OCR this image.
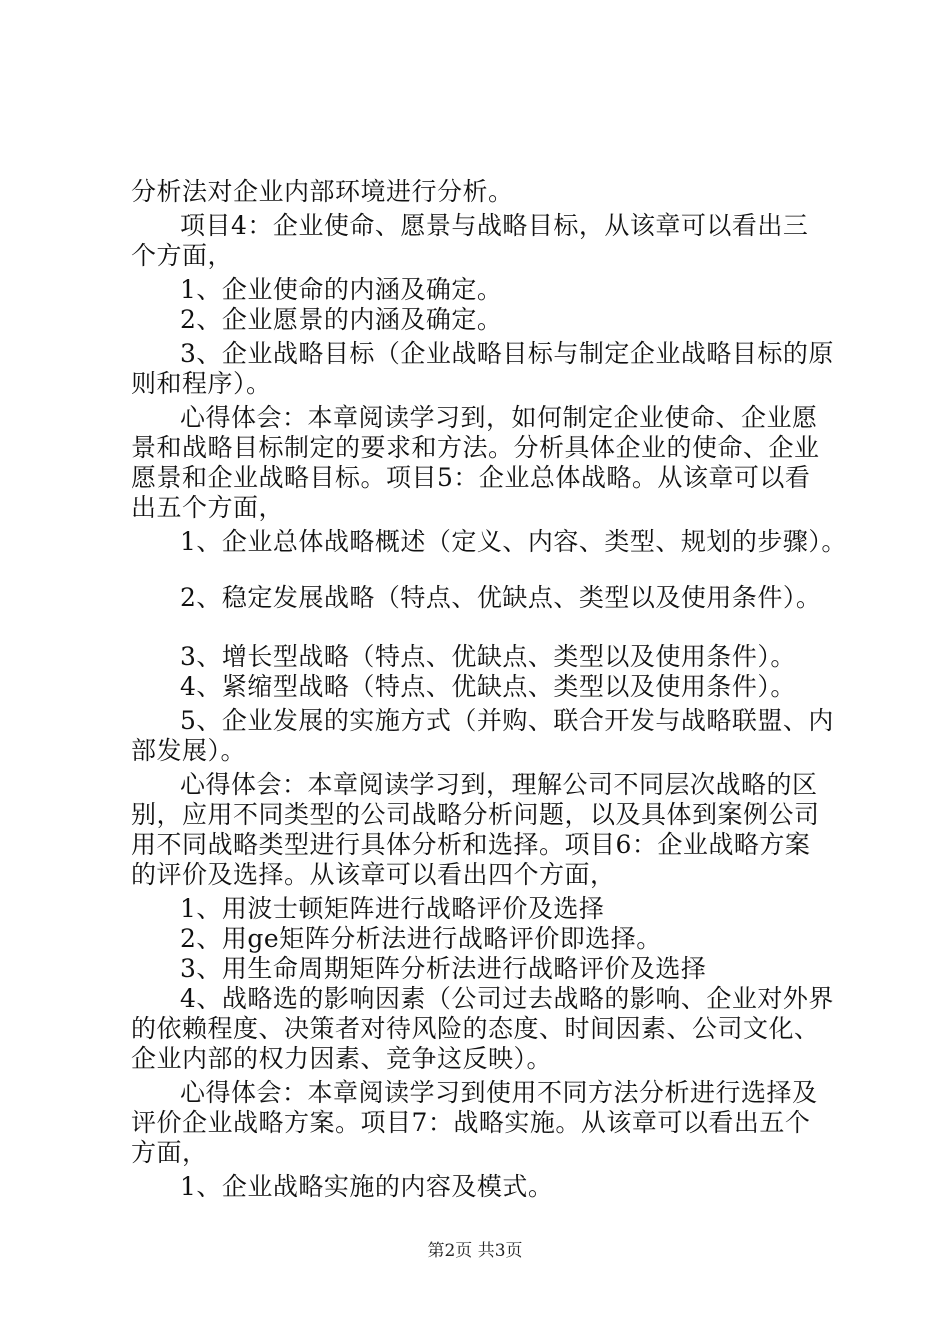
分析法对企业内部环境进行分析。
项目4：企业使命、愿景与战略目标，从该章可以看出三
个方面，
1、企业使命的内涵及确定。
2、企业愿景的内涵及确定。
3、企业战略目标（企业战略目标与制定企业战略目标的原
则和程序）。
心得体会：本章阅读学习到，如何制定企业使命、企业愿
景和战略目标制定的要求和方法。分析具体企业的使命、企业
愿景和企业战略目标。项目5：企业总体战略。从该章可以看
出五个方面，
1、企业总体战略概述（定义、内容、类型、规划的步骤）。
2、稳定发展战略（特点、优缺点、类型以及使用条件）。
3、增长型战略（特点、优缺点、类型以及使用条件）。
4、紧缩型战略（特点、优缺点、类型以及使用条件）。
5、企业发展的实施方式（并购、联合开发与战略联盟、内
部发展）。
心得体会：本章阅读学习到，理解公司不同层次战略的区
别，应用不同类型的公司战略分析问题，以及具体到案例公司
用不同战略类型进行具体分析和选择。项目6：企业战略方案
的评价及选择。从该章可以看出四个方面，
1、用波士顿矩阵进行战略评价及选择
2、用ge矩阵分析法进行战略评价即选择。
3、用生命周期矩阵分析法进行战略评价及选择
4、战略选的影响因素（公司过去战略的影响、企业对外界
的依赖程度、决策者对待风险的态度、时间因素、公司文化、
企业内部的权力因素、竞争这反映）。
心得体会：本章阅读学习到使用不同方法分析进行选择及
评价企业战略方案。项目7：战略实施。从该章可以看出五个
方面，
1、企业战略实施的内容及模式。
第2页 共3页
